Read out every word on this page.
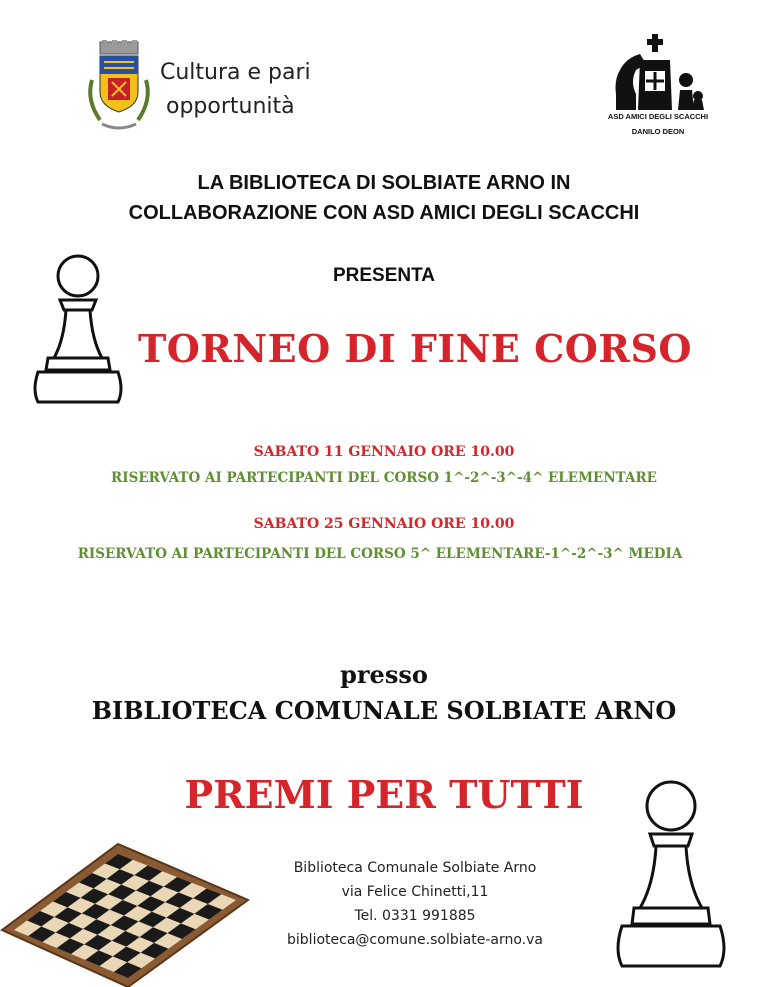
Cultura e pari
opportunità	ASD AMICI DEGLI SCACCHI
DANILO DEON
LA BIBLIOTECA DI SOLBIATE ARNO IN
COLLABORAZIONE CON ASD AMICI DEGLI SCACCHI
PRESENTA
TORNEO DI FINE CORSO
SABATO 11 GENNAIO ORE 10.00
RISERVATO AI PARTECIPANTI DEL CORSO 1^-2^-3^-4^ ELEMENTARE
SABATO 25 GENNAIO ORE 10.00
RISERVATO AI PARTECIPANTI DEL CORSO 5^ ELEMENTARE-1^-2^-3^ MEDIA
presso
BIBLIOTECA COMUNALE SOLBIATE ARNO
PREMI PER TUTTI
Biblioteca Comunale Solbiate Arno
via Felice Chinetti,11
Tel. 0331 991885
biblioteca@comune.solbiate-arno.va
